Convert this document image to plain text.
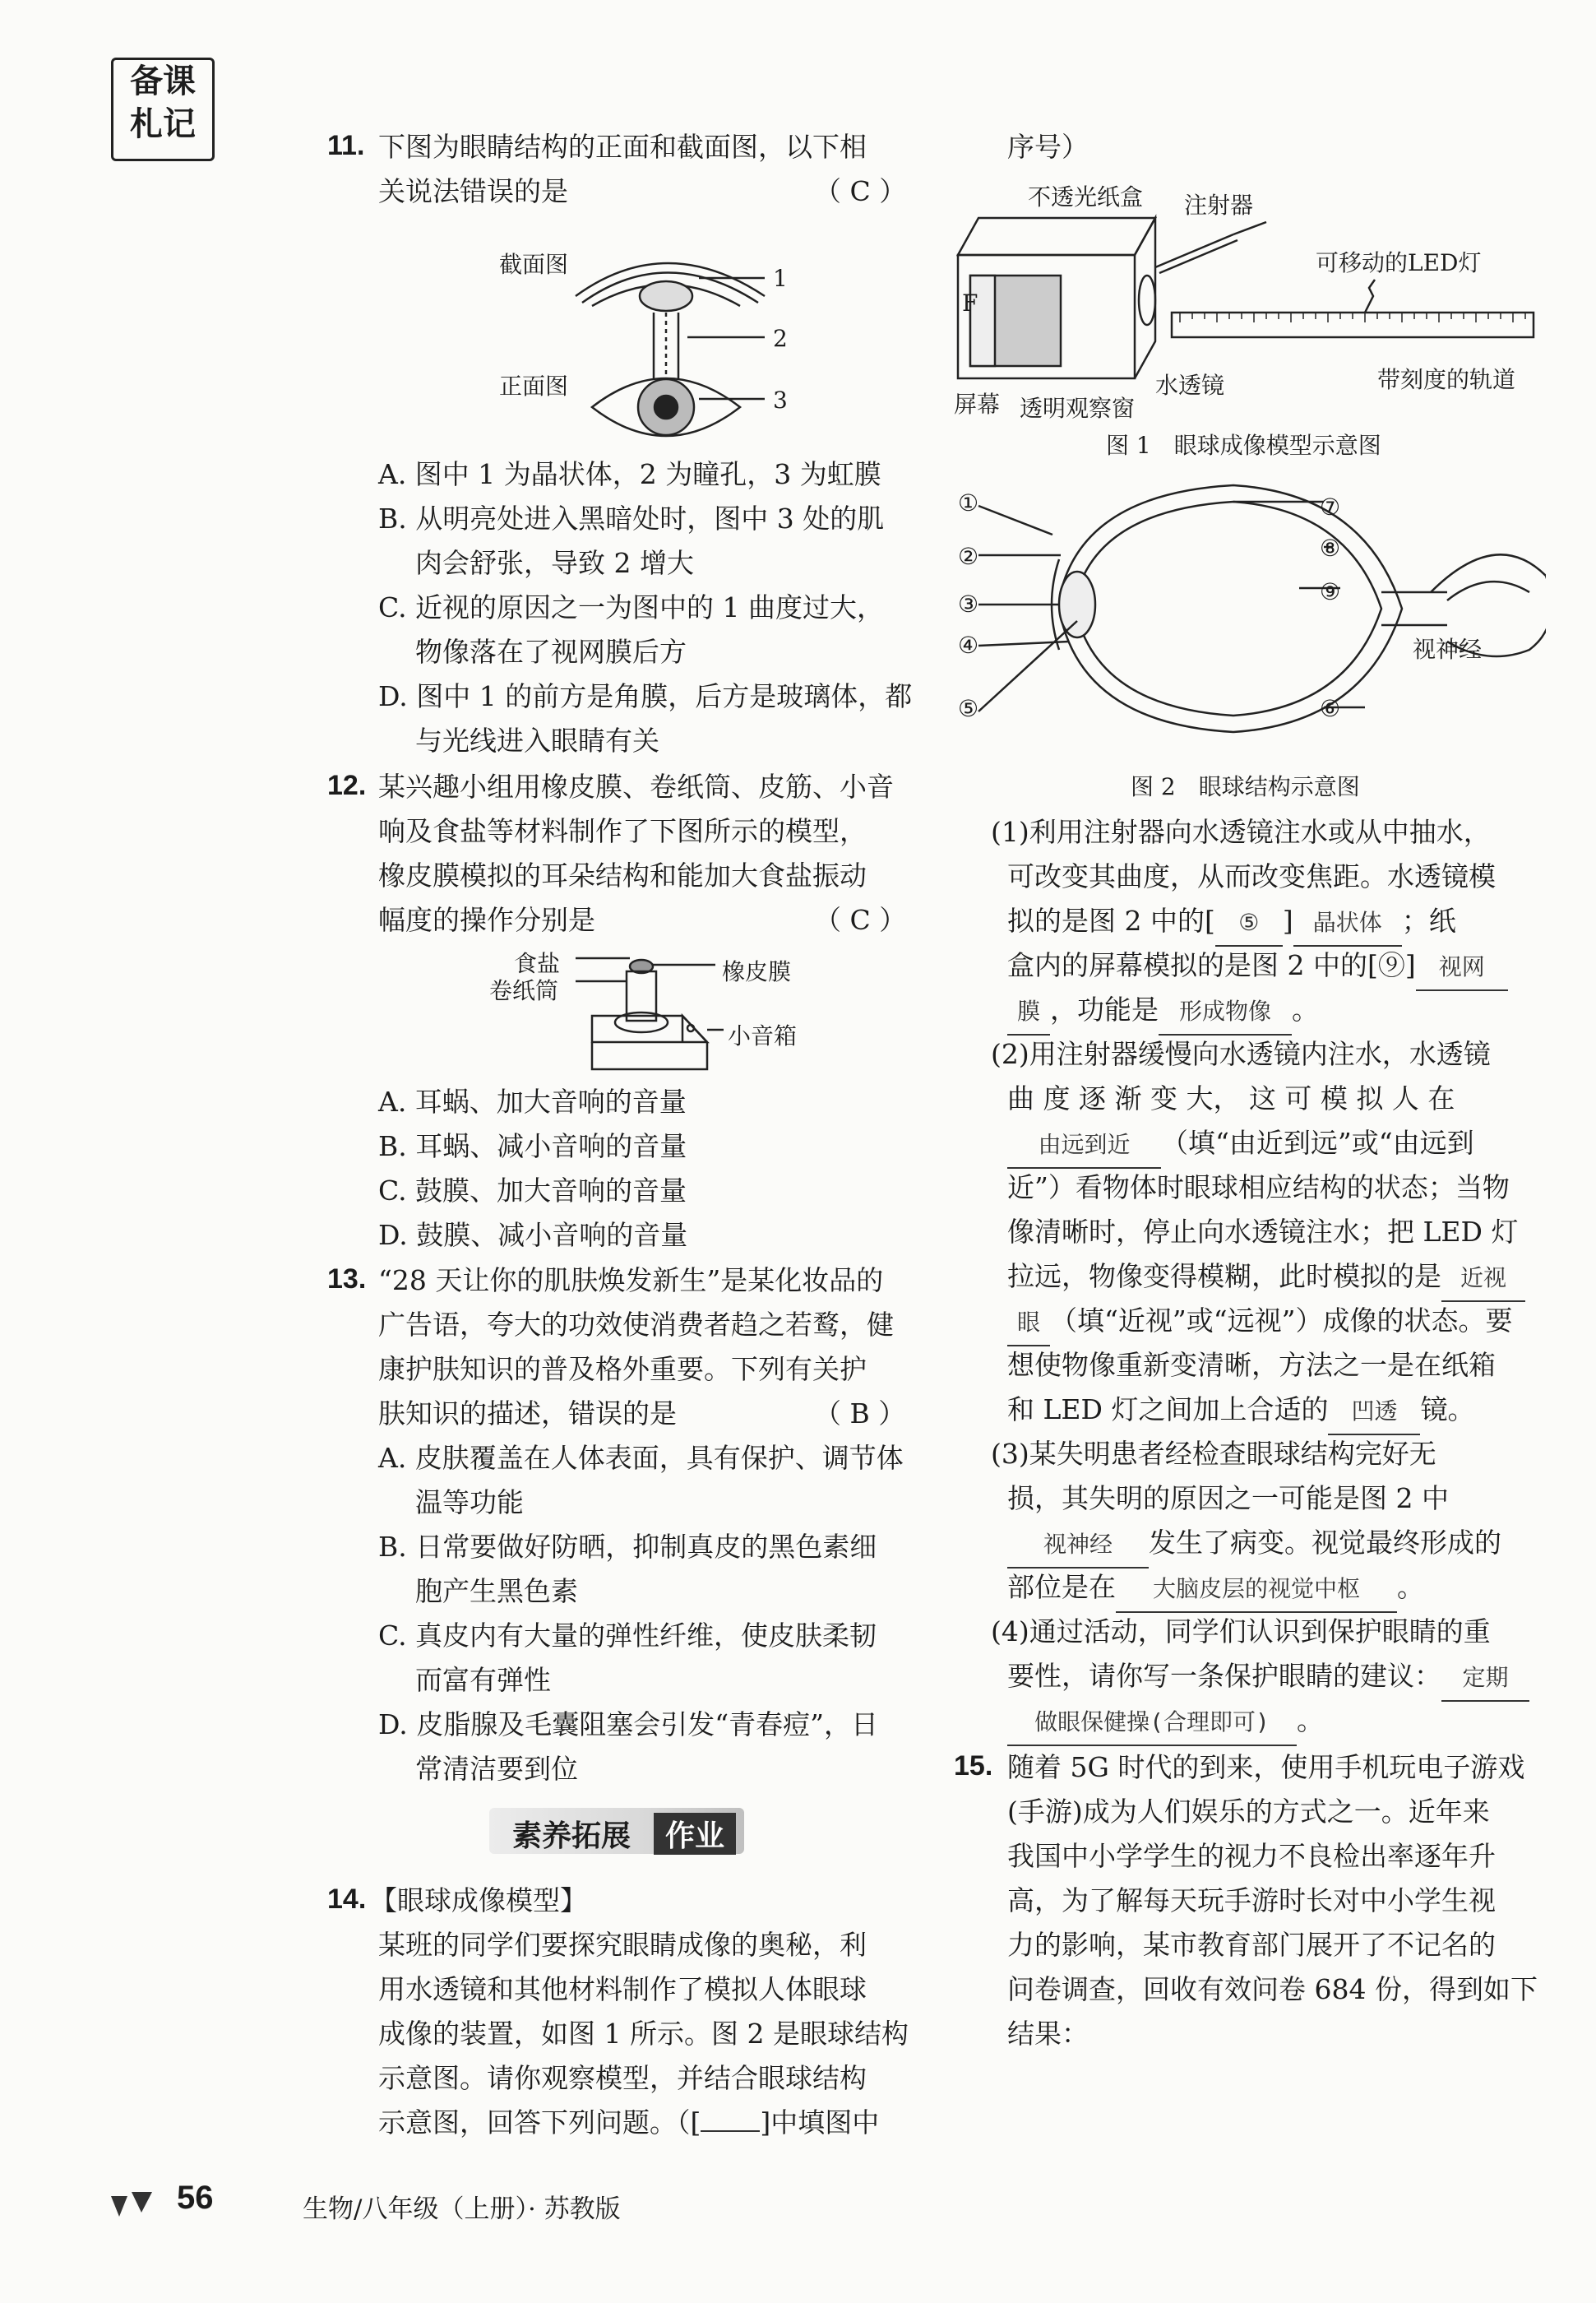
备课
札记
11. 下图为眼睛结构的正面和截面图，以下相
关说法错误的是	（ C ）
截面图
正面图
1
2
3
A. 图中 1 为晶状体，2 为瞳孔，3 为虹膜
B. 从明亮处进入黑暗处时，图中 3 处的肌
肉会舒张，导致 2 增大
C. 近视的原因之一为图中的 1 曲度过大，
物像落在了视网膜后方
D. 图中 1 的前方是角膜，后方是玻璃体，都
与光线进入眼睛有关
12. 某兴趣小组用橡皮膜、卷纸筒、皮筋、小音
响及食盐等材料制作了下图所示的模型，
橡皮膜模拟的耳朵结构和能加大食盐振动
幅度的操作分别是	（ C ）
食盐
卷纸筒
橡皮膜
小音箱
A. 耳蜗、加大音响的音量
B. 耳蜗、减小音响的音量
C. 鼓膜、加大音响的音量
D. 鼓膜、减小音响的音量
13. “28 天让你的肌肤焕发新生”是某化妆品的
广告语，夸大的功效使消费者趋之若鹜，健
康护肤知识的普及格外重要。下列有关护
肤知识的描述，错误的是	（ B ）
A. 皮肤覆盖在人体表面，具有保护、调节体
温等功能
B. 日常要做好防晒，抑制真皮的黑色素细
胞产生黑色素
C. 真皮内有大量的弹性纤维，使皮肤柔韧
而富有弹性
D. 皮脂腺及毛囊阻塞会引发“青春痘”，日
常清洁要到位
素养拓展	作业
14. 【眼球成像模型】
某班的同学们要探究眼睛成像的奥秘，利
用水透镜和其他材料制作了模拟人体眼球
成像的装置，如图 1 所示。图 2 是眼球结构
示意图。请你观察模型，并结合眼球结构
示意图，回答下列问题。（[ ]中填图中
序号）
不透光纸盒 注射器
可移动的LED灯
F
屏幕 透明观察窗
水透镜	带刻度的轨道
图 1　眼球成像模型示意图
①
②
③
④
⑤	⑥
⑦
⑧
⑨
视神经
图 2　眼球结构示意图
(1)利用注射器向水透镜注水或从中抽水，
可改变其曲度，从而改变焦距。水透镜模
拟的是图 2 中的[ ⑤ ] 晶状体 ；纸
盒内的屏幕模拟的是图 2 中的[⑨] 视网
膜 ，功能是 形成物像 。
(2)用注射器缓慢向水透镜内注水，水透镜
曲 度 逐 渐 变 大， 这 可 模 拟 人 在
由远到近 （填“由近到远”或“由远到
近”）看物体时眼球相应结构的状态；当物
像清晰时，停止向水透镜注水；把 LED 灯
拉远，物像变得模糊，此时模拟的是 近视
眼 （填“近视”或“远视”）成像的状态。要
想使物像重新变清晰，方法之一是在纸箱
和 LED 灯之间加上合适的 凹透 镜。
(3)某失明患者经检查眼球结构完好无
损，其失明的原因之一可能是图 2 中
视神经 发生了病变。视觉最终形成的
部位是在 大脑皮层的视觉中枢 。
(4)通过活动，同学们认识到保护眼睛的重
要性，请你写一条保护眼睛的建议： 定期
做眼保健操(合理即可) 。
15. 随着 5G 时代的到来，使用手机玩电子游戏
(手游)成为人们娱乐的方式之一。近年来
我国中小学学生的视力不良检出率逐年升
高，为了解每天玩手游时长对中小学生视
力的影响，某市教育部门展开了不记名的
问卷调查，回收有效问卷 684 份，得到如下
结果：
56	生物/八年级（上册）· 苏教版
